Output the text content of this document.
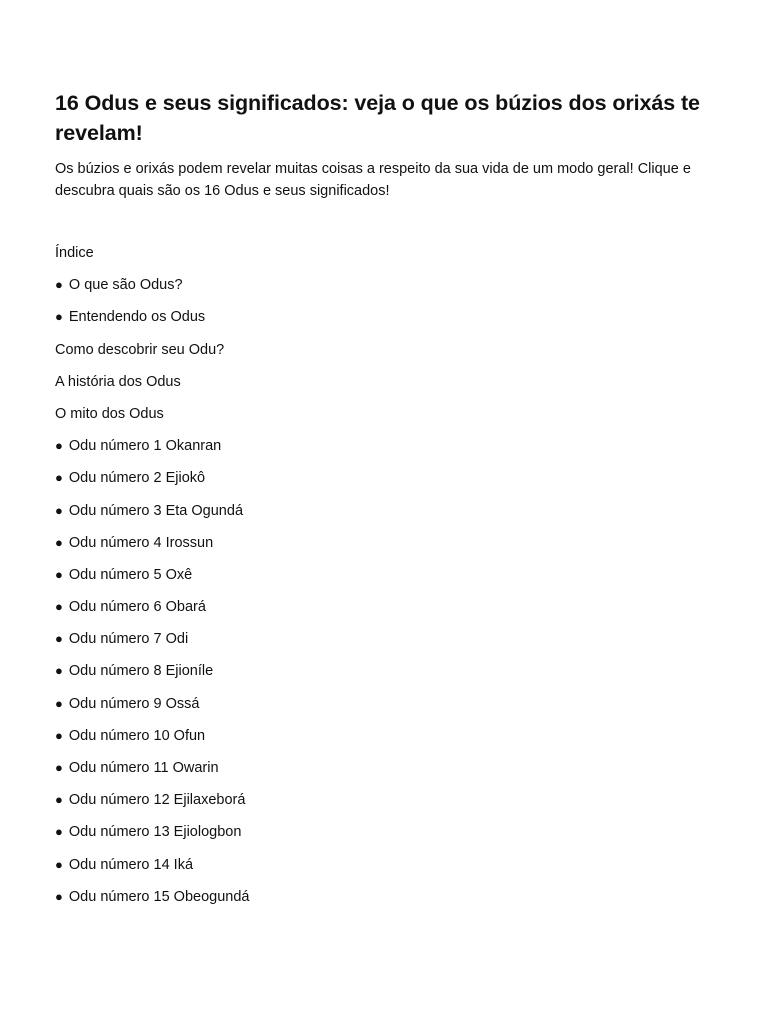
16 Odus e seus significados: veja o que os búzios dos orixás te revelam!

Os búzios e orixás podem revelar muitas coisas a respeito da sua vida de um modo geral! Clique e descubra quais são os 16 Odus e seus significados!

Índice
● O que são Odus?
● Entendendo os Odus
Como descobrir seu Odu?
A história dos Odus
O mito dos Odus
● Odu número 1 Okanran
● Odu número 2 Ejiokô
● Odu número 3 Eta Ogundá
● Odu número 4 Irossun
● Odu número 5 Oxê
● Odu número 6 Obará
● Odu número 7 Odi
● Odu número 8 Ejioníle
● Odu número 9 Ossá
● Odu número 10 Ofun
● Odu número 11 Owarin
● Odu número 12 Ejilaxeborá
● Odu número 13 Ejiologbon
● Odu número 14 Iká
● Odu número 15 Obeogundá
